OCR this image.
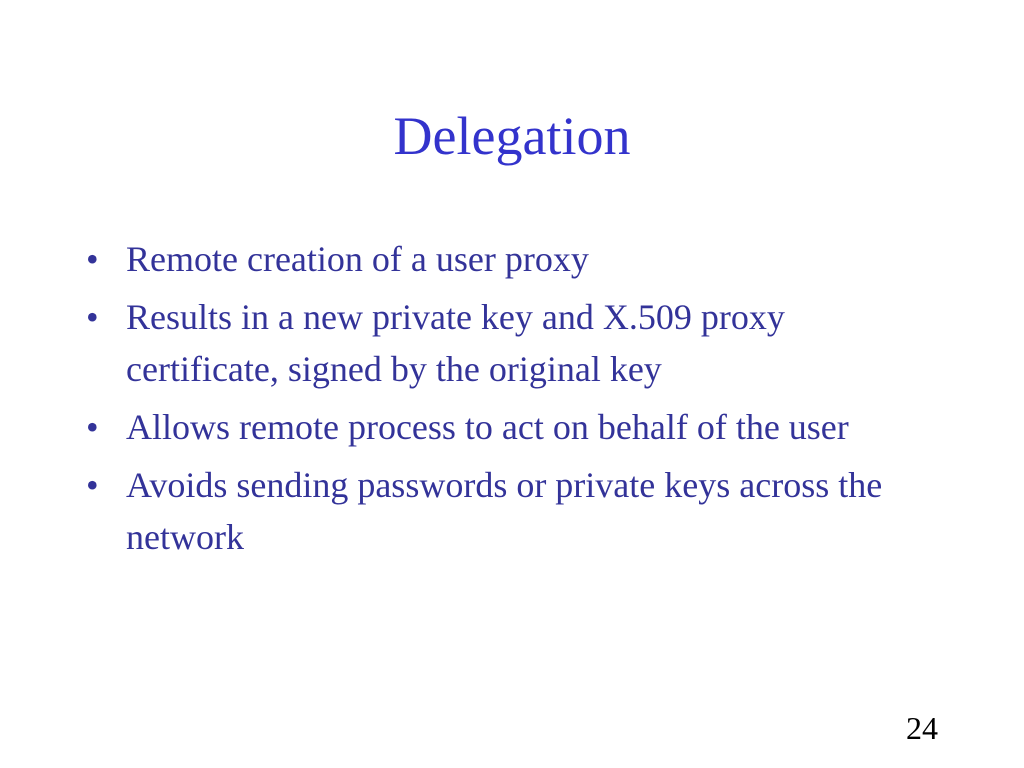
Delegation
• Remote creation of a user proxy
• Results in a new private key and X.509 proxy certificate, signed by the original key
• Allows remote process to act on behalf of the user
• Avoids sending passwords or private keys across the network
24
